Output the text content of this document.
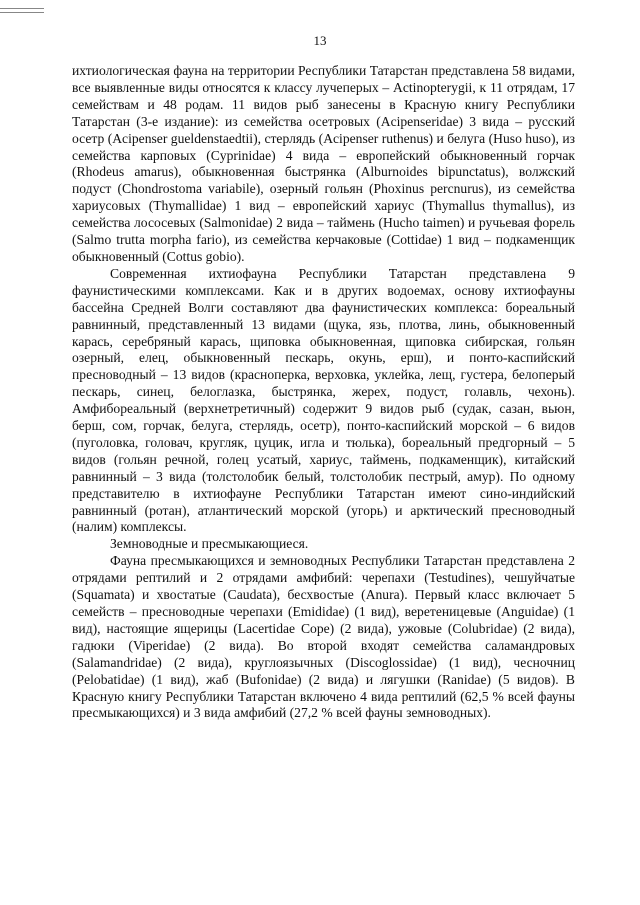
13

ихтиологическая фауна на территории Республики Татарстан представлена 58 видами, все выявленные виды относятся к классу лучеперых – Actinopterygii, к 11 отрядам, 17 семействам и 48 родам. 11 видов рыб занесены в Красную книгу Республики Татарстан (3-е издание): из семейства осетровых (Acipenseridae) 3 вида – русский осетр (Acipenser gueldenstaedtii), стерлядь (Acipenser ruthenus) и белуга (Huso huso), из семейства карповых (Cyprinidae) 4 вида – европейский обыкновенный горчак (Rhodeus amarus), обыкновенная быстрянка (Alburnoides bipunctatus), волжский подуст (Chondrostoma variabile), озерный гольян (Phoxinus percnurus), из семейства хариусовых (Thymallidae) 1 вид – европейский хариус (Thymallus thymallus), из семейства лососевых (Salmonidae) 2 вида – таймень (Hucho taimen) и ручьевая форель (Salmo trutta morpha fario), из семейства керчаковые (Cottidae) 1 вид – подкаменщик обыкновенный (Cottus gobio).

Современная ихтиофауна Республики Татарстан представлена 9 фаунистическими комплексами. Как и в других водоемах, основу ихтиофауны бассейна Средней Волги составляют два фаунистических комплекса: бореальный равнинный, представленный 13 видами (щука, язь, плотва, линь, обыкновенный карась, серебряный карась, щиповка обыкновенная, щиповка сибирская, гольян озерный, елец, обыкновенный пескарь, окунь, ерш), и понто-каспийский пресноводный – 13 видов (красноперка, верховка, уклейка, лещ, густера, белоперый пескарь, синец, белоглазка, быстрянка, жерех, подуст, голавль, чехонь). Амфибореальный (верхнетретичный) содержит 9 видов рыб (судак, сазан, вьюн, берш, сом, горчак, белуга, стерлядь, осетр), понто-каспийский морской – 6 видов (пуголовка, головач, кругляк, цуцик, игла и тюлька), бореальный предгорный – 5 видов (гольян речной, голец усатый, хариус, таймень, подкаменщик), китайский равнинный – 3 вида (толстолобик белый, толстолобик пестрый, амур). По одному представителю в ихтиофауне Республики Татарстан имеют сино-индийский равнинный (ротан), атлантический морской (угорь) и арктический пресноводный (налим) комплексы.

Земноводные и пресмыкающиеся.

Фауна пресмыкающихся и земноводных Республики Татарстан представлена 2 отрядами рептилий и 2 отрядами амфибий: черепахи (Testudines), чешуйчатые (Squamata) и хвостатые (Caudata), бесхвостые (Anura). Первый класс включает 5 семейств – пресноводные черепахи (Emididae) (1 вид), веретеницевые (Anguidae) (1 вид), настоящие ящерицы (Lacertidae Cope) (2 вида), ужовые (Colubridae) (2 вида), гадюки (Viperidae) (2 вида). Во второй входят семейства саламандровых (Salamandridae) (2 вида), круглоязычных (Discoglossidae) (1 вид), чесночниц (Pelobatidae) (1 вид), жаб (Bufonidae) (2 вида) и лягушки (Ranidae) (5 видов). В Красную книгу Республики Татарстан включено 4 вида рептилий (62,5 % всей фауны пресмыкающихся) и 3 вида амфибий (27,2 % всей фауны земноводных).
